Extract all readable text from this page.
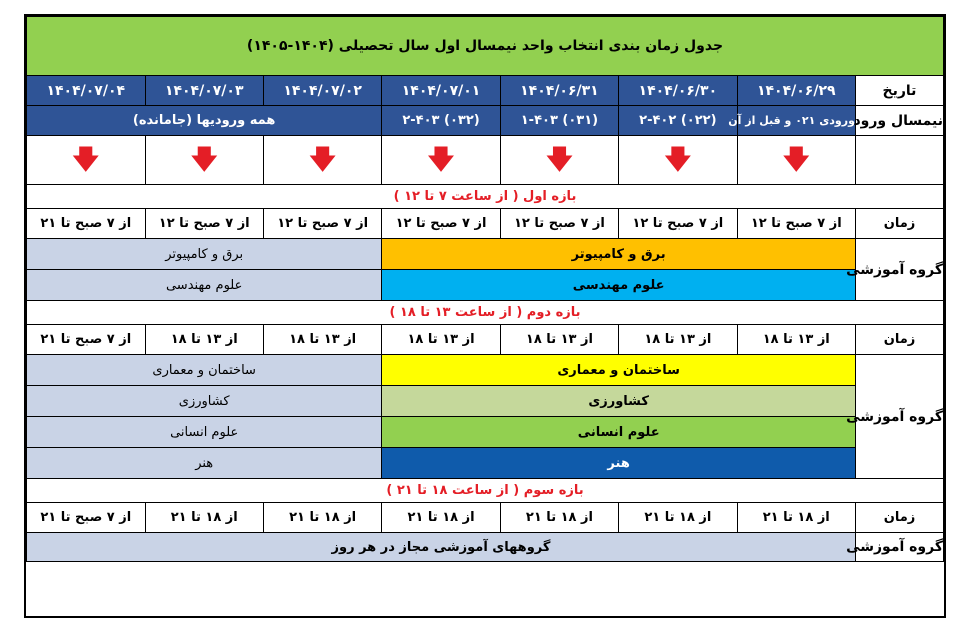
جدول زمان بندی انتخاب واحد نیمسال اول سال تحصیلی (۱۴۰۴-۱۴۰۵)							
تاریخ	۱۴۰۴/۰۶/۲۹	۱۴۰۴/۰۶/۳۰	۱۴۰۴/۰۶/۳۱	۱۴۰۴/۰۷/۰۱	۱۴۰۴/۰۷/۰۲	۱۴۰۴/۰۷/۰۳	۱۴۰۴/۰۷/۰۴
نیمسال ورود	ورودی ۰۲۱ و قبل از آن	(۰۲۲) ۲-۴۰۲	(۰۳۱) ۱-۴۰۳	(۰۳۲) ۲-۴۰۳	همه ورودیها (جامانده)		
	🡇	🡇	🡇	🡇	🡇	🡇	🡇
بازه اول ( از ساعت ۷ تا ۱۲ )							
زمان	از ۷ صبح تا ۱۲	از ۷ صبح تا ۱۲	از ۷ صبح تا ۱۲	از ۷ صبح تا ۱۲	از ۷ صبح تا ۱۲	از ۷ صبح تا ۱۲	از ۷ صبح تا ۲۱
گروه آموزشی	برق و کامپیوتر				برق و کامپیوتر		
	علوم مهندسی				علوم مهندسی		
بازه دوم ( از ساعت ۱۳ تا ۱۸ )							
زمان	از ۱۳ تا ۱۸	از ۱۳ تا ۱۸	از ۱۳ تا ۱۸	از ۱۳ تا ۱۸	از ۱۳ تا ۱۸	از ۱۳ تا ۱۸	از ۷ صبح تا ۲۱
گروه آموزشی	ساختمان و معماری				ساختمان و معماری		
	کشاورزی				کشاورزی		
	علوم انسانی				علوم انسانی		
	هنر				هنر		
بازه سوم ( از ساعت ۱۸ تا ۲۱ )							
زمان	از ۱۸ تا ۲۱	از ۱۸ تا ۲۱	از ۱۸ تا ۲۱	از ۱۸ تا ۲۱	از ۱۸ تا ۲۱	از ۱۸ تا ۲۱	از ۷ صبح تا ۲۱
گروه آموزشی	گروههای آموزشی مجاز در هر روز						
